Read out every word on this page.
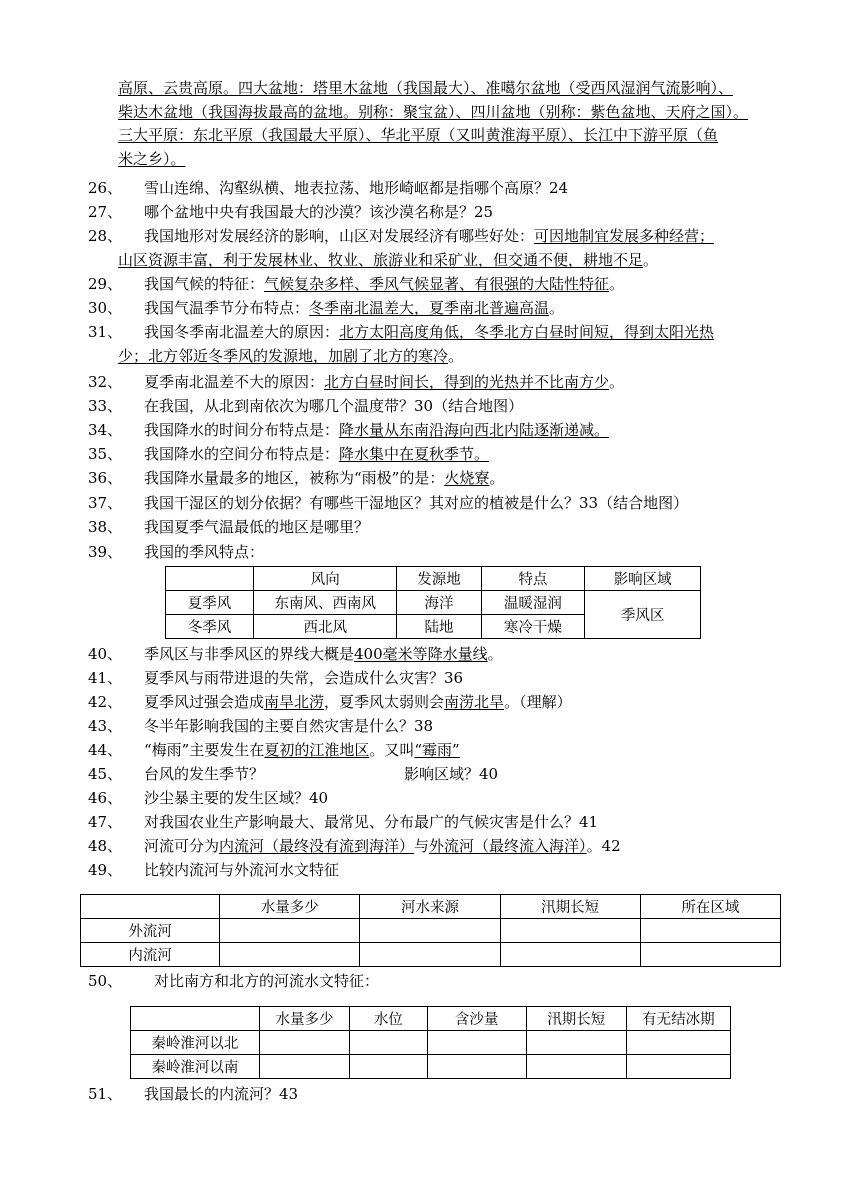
高原、云贵高原。四大盆地：塔里木盆地（我国最大）、准噶尔盆地（受西风湿润气流影响）、
柴达木盆地（我国海拔最高的盆地。别称：聚宝盆）、四川盆地（别称：紫色盆地、天府之国）。
三大平原：东北平原（我国最大平原）、华北平原（又叫黄淮海平原）、长江中下游平原（鱼
米之乡）。
26、 雪山连绵、沟壑纵横、地表拉荡、地形崎岖都是指哪个高原？24
27、 哪个盆地中央有我国最大的沙漠？该沙漠名称是？25
28、 我国地形对发展经济的影响，山区对发展经济有哪些好处：可因地制宜发展多种经营；
山区资源丰富，利于发展林业、牧业、旅游业和采矿业，但交通不便，耕地不足。
29、 我国气候的特征：气候复杂多样、季风气候显著、有很强的大陆性特征。
30、 我国气温季节分布特点：冬季南北温差大，夏季南北普遍高温。
31、 我国冬季南北温差大的原因：北方太阳高度角低，冬季北方白昼时间短，得到太阳光热
少；北方邻近冬季风的发源地，加剧了北方的寒冷。
32、 夏季南北温差不大的原因：北方白昼时间长，得到的光热并不比南方少。
33、 在我国，从北到南依次为哪几个温度带？30（结合地图）
34、 我国降水的时间分布特点是：降水量从东南沿海向西北内陆逐渐递减。
35、 我国降水的空间分布特点是：降水集中在夏秋季节。
36、 我国降水量最多的地区，被称为“雨极”的是：火烧寮。
37、 我国干湿区的划分依据？有哪些干湿地区？其对应的植被是什么？33（结合地图）
38、 我国夏季气温最低的地区是哪里？
39、 我国的季风特点：
	风向	发源地	特点	影响区域
夏季风	东南风、西南风	海洋	温暖湿润	季风区
冬季风	西北风	陆地	寒冷干燥	
40、 季风区与非季风区的界线大概是400毫米等降水量线。
41、 夏季风与雨带进退的失常，会造成什么灾害？36
42、 夏季风过强会造成南旱北涝，夏季风太弱则会南涝北旱。（理解）
43、 冬半年影响我国的主要自然灾害是什么？38
44、 “梅雨”主要发生在夏初的江淮地区。又叫“霉雨”
45、 台风的发生季节？	影响区域？40
46、 沙尘暴主要的发生区域？40
47、 对我国农业生产影响最大、最常见、分布最广的气候灾害是什么？41
48、 河流可分为内流河（最终没有流到海洋）与外流河（最终流入海洋）。42
49、 比较内流河与外流河水文特征
	水量多少	河水来源	汛期长短	所在区域
外流河				
内流河				
50、 对比南方和北方的河流水文特征：
	水量多少	水位	含沙量	汛期长短	有无结冰期
秦岭淮河以北					
秦岭淮河以南					
51、 我国最长的内流河？43
